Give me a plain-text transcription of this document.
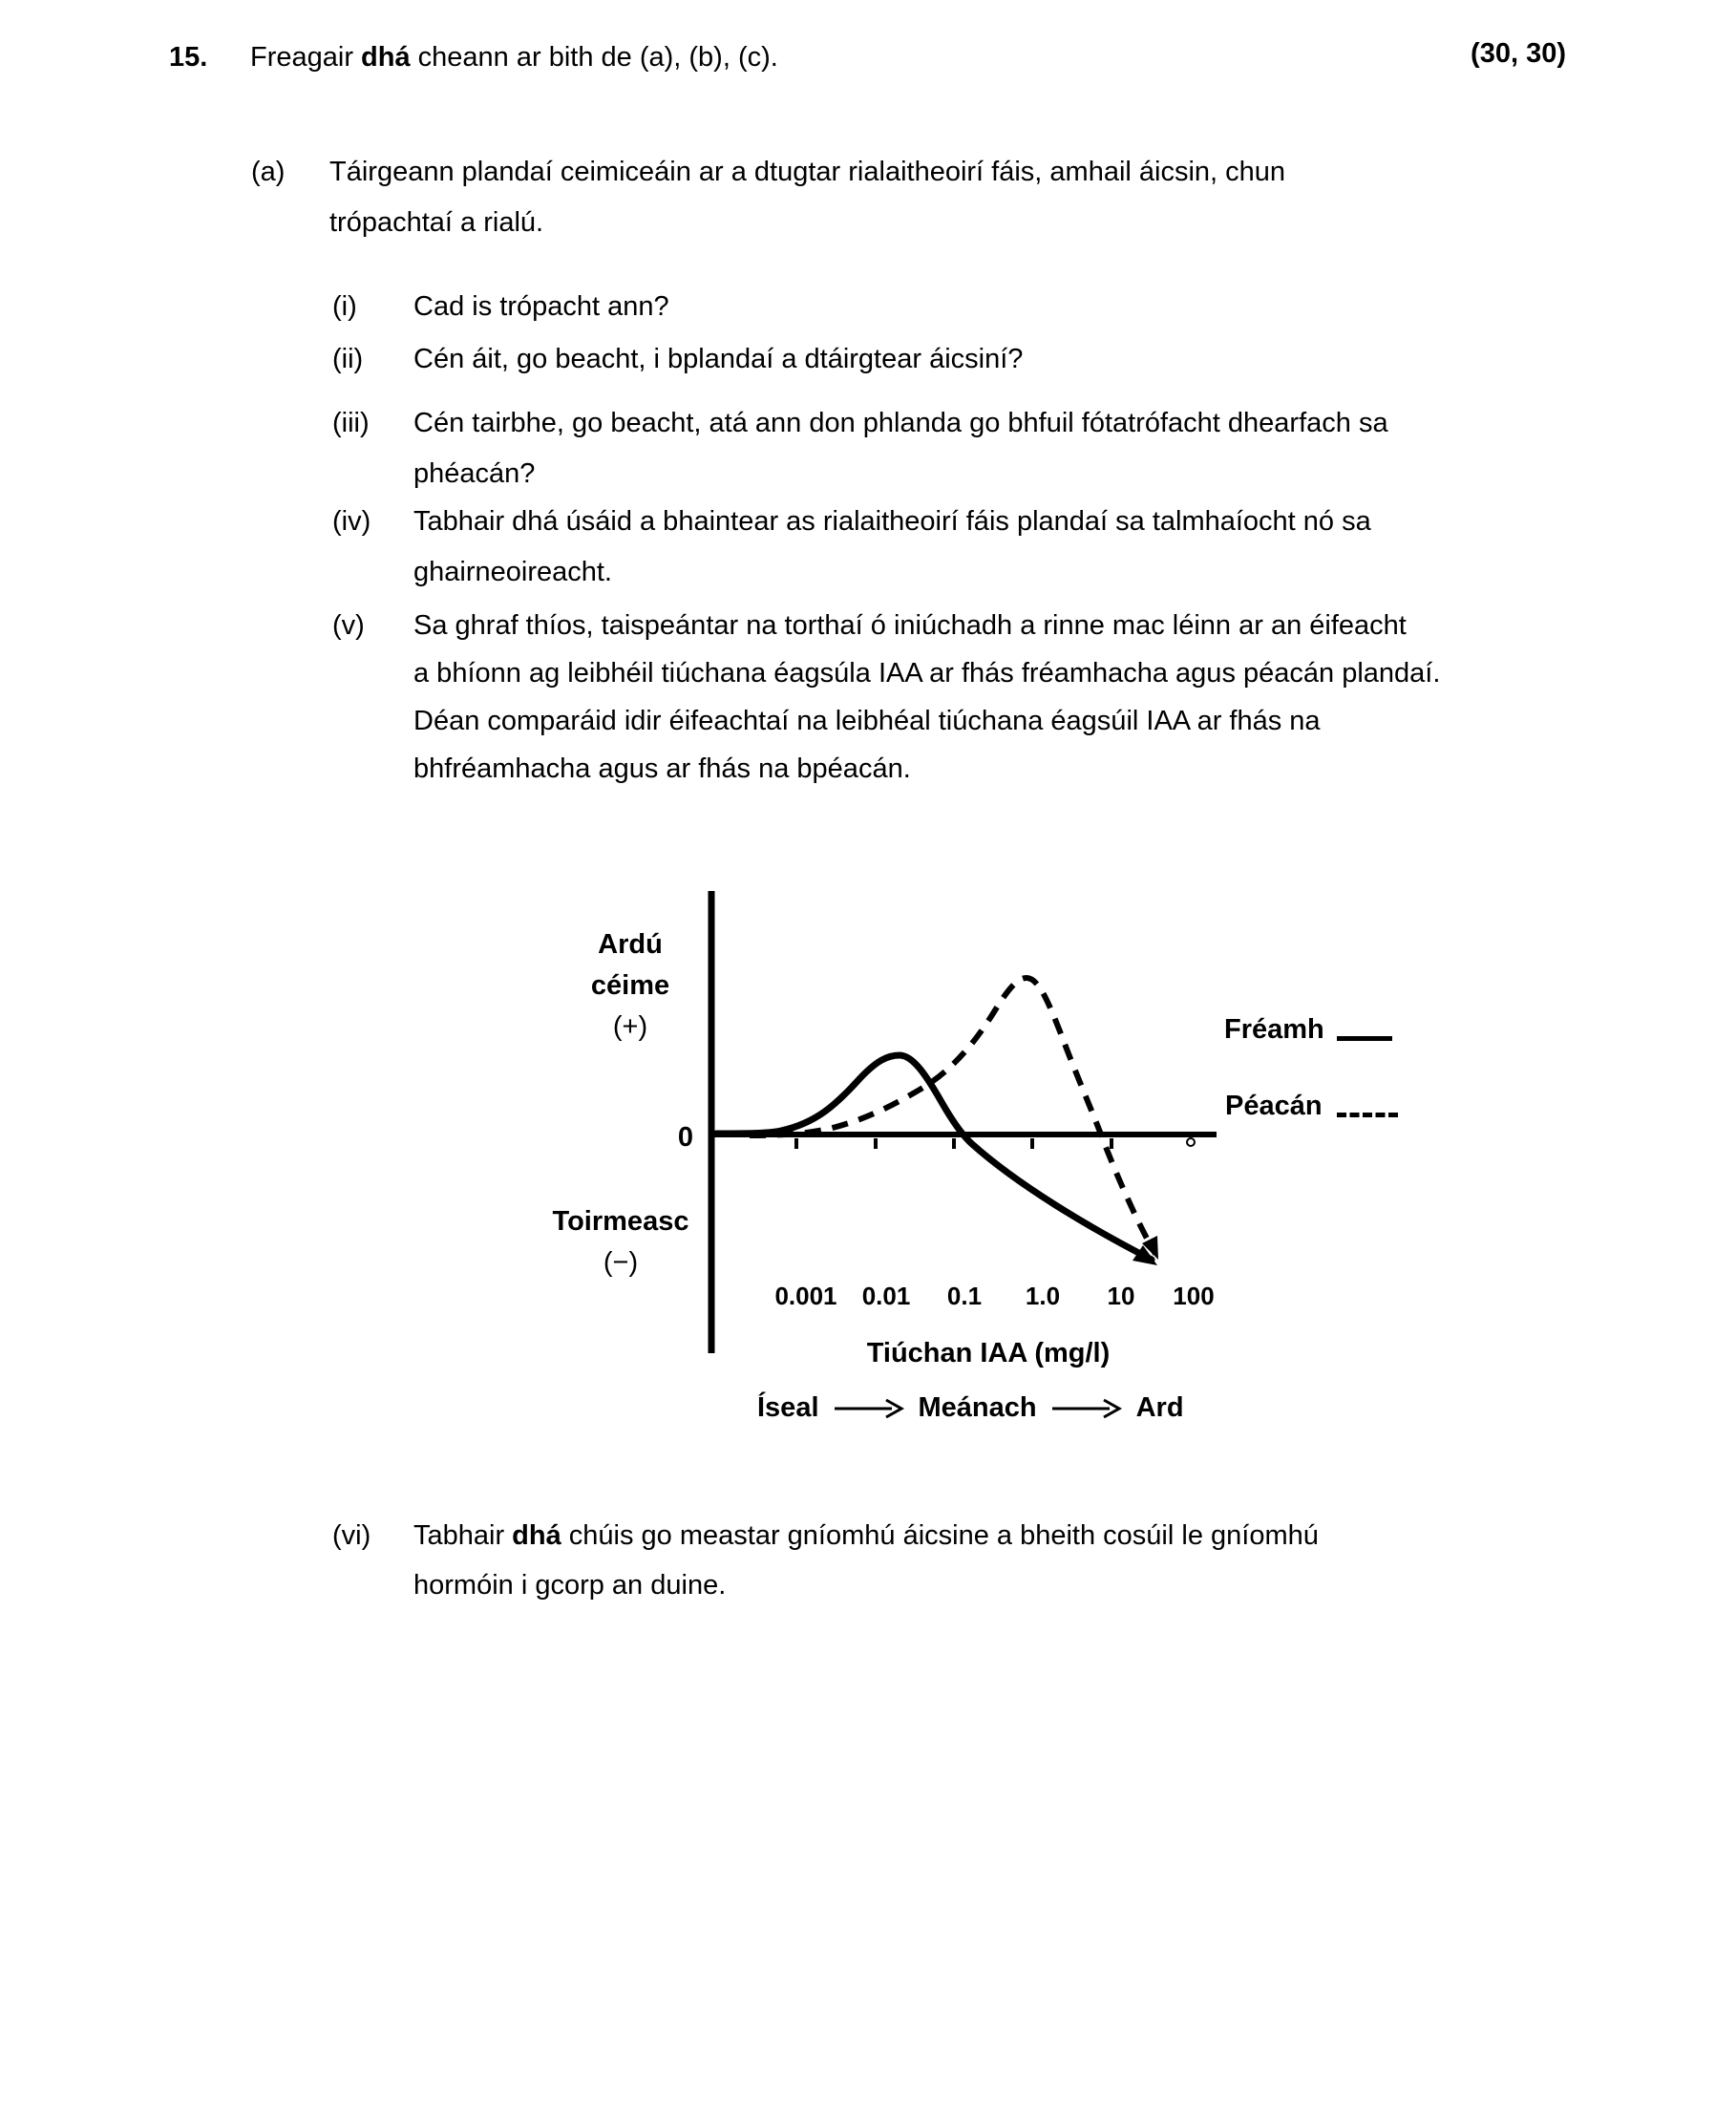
15. Freagair dhá cheann ar bith de (a), (b), (c).	(30, 30)
(a) Táirgeann plandaí ceimiceáin ar a dtugtar rialaitheoirí fáis, amhail áicsin, chun
trópachtaí a rialú.
(i) Cad is trópacht ann?
(ii) Cén áit, go beacht, i bplandaí a dtáirgtear áicsiní?
(iii) Cén tairbhe, go beacht, atá ann don phlanda go bhfuil fótatrófacht dhearfach sa
phéacán?
(iv) Tabhair dhá úsáid a bhaintear as rialaitheoirí fáis plandaí sa talmhaíocht nó sa
ghairneoireacht.
(v) Sa ghraf thíos, taispeántar na torthaí ó iniúchadh a rinne mac léinn ar an éifeacht
a bhíonn ag leibhéil tiúchana éagsúla IAA ar fhás fréamhacha agus péacán plandaí.
Déan comparáid idir éifeachtaí na leibhéal tiúchana éagsúil IAA ar fhás na
bhfréamhacha agus ar fhás na bpéacán.
Ardú
céime
(+)
0
Toirmeasc
(−)
0.001	0.01	0.1	1.0	10	100
Tiúchan IAA (mg/l)
Íseal	Meánach	Ard
Fréamh
Péacán
(vi) Tabhair dhá chúis go meastar gníomhú áicsine a bheith cosúil le gníomhú
hormóin i gcorp an duine.
